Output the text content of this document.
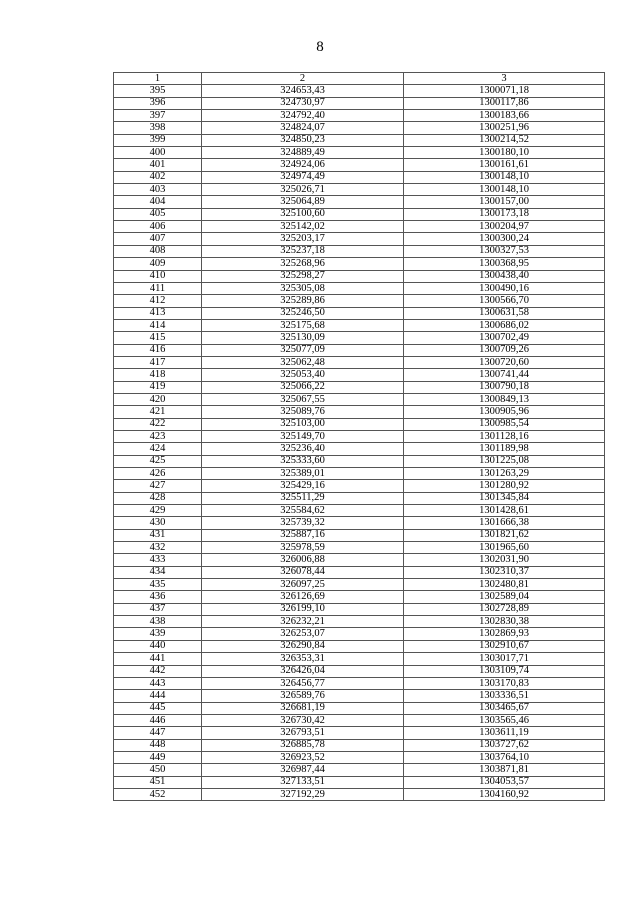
8
1	2	3
395	324653,43	1300071,18
396	324730,97	1300117,86
397	324792,40	1300183,66
398	324824,07	1300251,96
399	324850,23	1300214,52
400	324889,49	1300180,10
401	324924,06	1300161,61
402	324974,49	1300148,10
403	325026,71	1300148,10
404	325064,89	1300157,00
405	325100,60	1300173,18
406	325142,02	1300204,97
407	325203,17	1300300,24
408	325237,18	1300327,53
409	325268,96	1300368,95
410	325298,27	1300438,40
411	325305,08	1300490,16
412	325289,86	1300566,70
413	325246,50	1300631,58
414	325175,68	1300686,02
415	325130,09	1300702,49
416	325077,09	1300709,26
417	325062,48	1300720,60
418	325053,40	1300741,44
419	325066,22	1300790,18
420	325067,55	1300849,13
421	325089,76	1300905,96
422	325103,00	1300985,54
423	325149,70	1301128,16
424	325236,40	1301189,98
425	325333,60	1301225,08
426	325389,01	1301263,29
427	325429,16	1301280,92
428	325511,29	1301345,84
429	325584,62	1301428,61
430	325739,32	1301666,38
431	325887,16	1301821,62
432	325978,59	1301965,60
433	326006,88	1302031,90
434	326078,44	1302310,37
435	326097,25	1302480,81
436	326126,69	1302589,04
437	326199,10	1302728,89
438	326232,21	1302830,38
439	326253,07	1302869,93
440	326290,84	1302910,67
441	326353,31	1303017,71
442	326426,04	1303109,74
443	326456,77	1303170,83
444	326589,76	1303336,51
445	326681,19	1303465,67
446	326730,42	1303565,46
447	326793,51	1303611,19
448	326885,78	1303727,62
449	326923,52	1303764,10
450	326987,44	1303871,81
451	327133,51	1304053,57
452	327192,29	1304160,92
